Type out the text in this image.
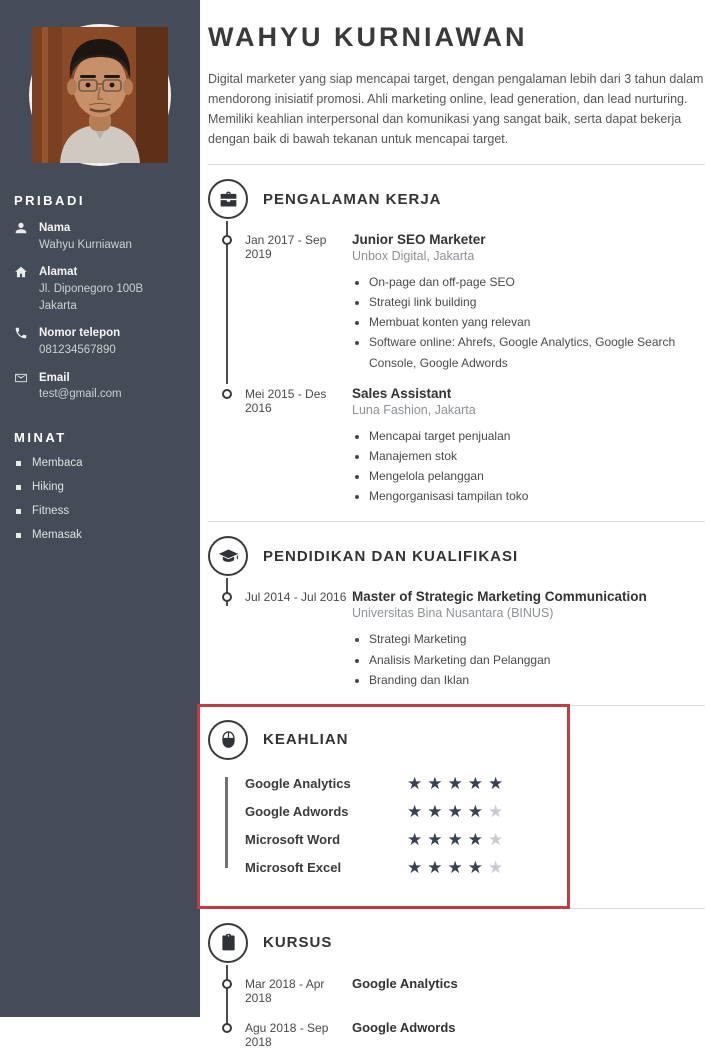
PRIBADI
Nama
Wahyu Kurniawan
Alamat
Jl. Diponegoro 100B
Jakarta
Nomor telepon
081234567890
Email
test@gmail.com
MINAT
Membaca
Hiking
Fitness
Memasak
WAHYU KURNIAWAN

Digital marketer yang siap mencapai target, dengan pengalaman lebih dari 3 tahun dalam mendorong inisiatif promosi. Ahli marketing online, lead generation, dan lead nurturing. Memiliki keahlian interpersonal dan komunikasi yang sangat baik, serta dapat bekerja dengan baik di bawah tekanan untuk mencapai target.

PENGALAMAN KERJA
Jan 2017 - Sep 2019
Junior SEO Marketer
Unbox Digital, Jakarta
• On-page dan off-page SEO
• Strategi link building
• Membuat konten yang relevan
• Software online: Ahrefs, Google Analytics, Google Search Console, Google Adwords
Mei 2015 - Des 2016
Sales Assistant
Luna Fashion, Jakarta
• Mencapai target penjualan
• Manajemen stok
• Mengelola pelanggan
• Mengorganisasi tampilan toko
PENDIDIKAN DAN KUALIFIKASI
Jul 2014 - Jul 2016 Master of Strategic Marketing Communication
Universitas Bina Nusantara (BINUS)
• Strategi Marketing
• Analisis Marketing dan Pelanggan
• Branding dan Iklan
KEAHLIAN
Google Analytics	★★★★★
Google Adwords	★★★★★
Microsoft Word	★★★★★
Microsoft Excel	★★★★★
KURSUS
Mar 2018 - Apr 2018
Google Analytics
Agu 2018 - Sep 2018
Google Adwords
